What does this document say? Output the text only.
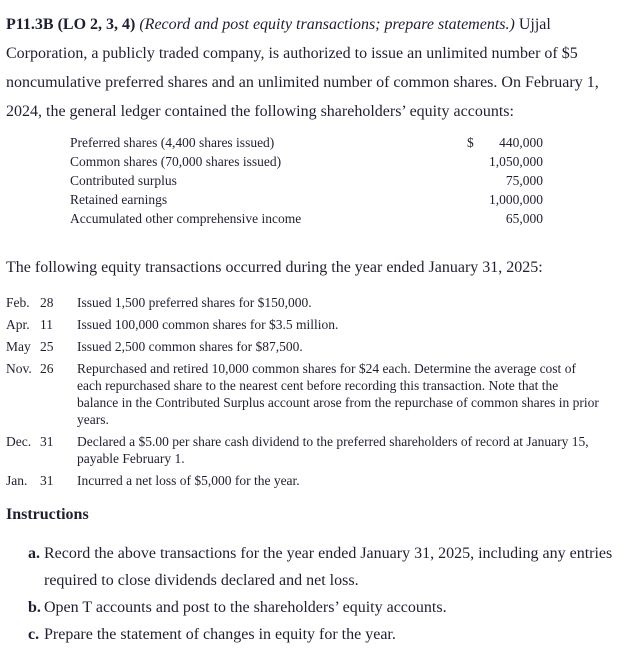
P11.3B (LO 2, 3, 4) (Record and post equity transactions; prepare statements.) Ujjal Corporation, a publicly traded company, is authorized to issue an unlimited number of $5 noncumulative preferred shares and an unlimited number of common shares. On February 1, 2024, the general ledger contained the following shareholders’ equity accounts:

Preferred shares (4,400 shares issued)	$	440,000
Common shares (70,000 shares issued)	1,050,000
Contributed surplus	75,000
Retained earnings	1,000,000
Accumulated other comprehensive income	65,000

The following equity transactions occurred during the year ended January 31, 2025:

Feb. 28	Issued 1,500 preferred shares for $150,000.
Apr. 11	Issued 100,000 common shares for $3.5 million.
May 25	Issued 2,500 common shares for $87,500.
Nov. 26	Repurchased and retired 10,000 common shares for $24 each. Determine the average cost of each repurchased share to the nearest cent before recording this transaction. Note that the balance in the Contributed Surplus account arose from the repurchase of common shares in prior years.
Dec. 31	Declared a $5.00 per share cash dividend to the preferred shareholders of record at January 15, payable February 1.
Jan. 31	Incurred a net loss of $5,000 for the year.
Instructions
a. Record the above transactions for the year ended January 31, 2025, including any entries required to close dividends declared and net loss.
b. Open T accounts and post to the shareholders’ equity accounts.
c. Prepare the statement of changes in equity for the year.
